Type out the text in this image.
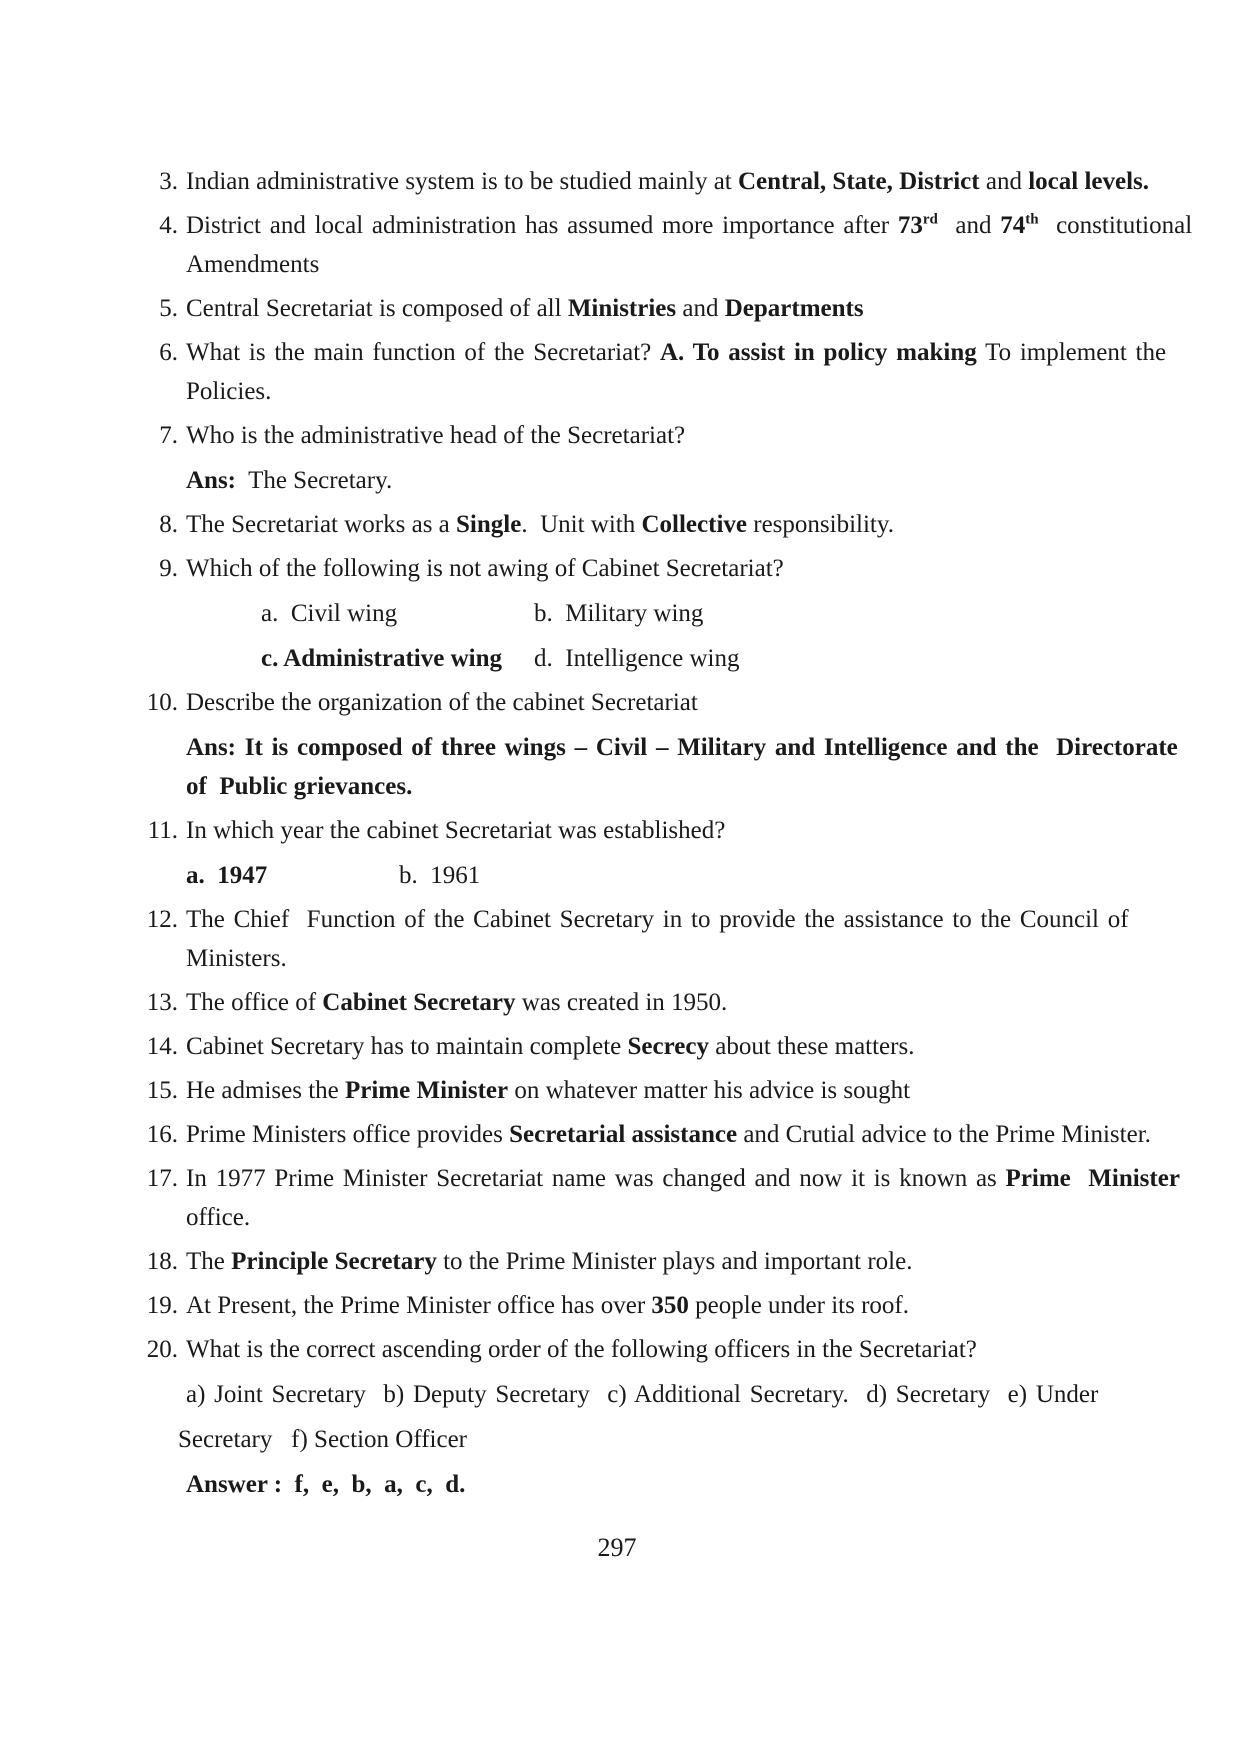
3. Indian administrative system is to be studied mainly at Central, State, District and local levels.
4. District and local administration has assumed more importance after 73rd  and 74th  constitutional
Amendments
5. Central Secretariat is composed of all Ministries and Departments
6. What is the main function of the Secretariat? A. To assist in policy making To implement the
Policies.
7. Who is the administrative head of the Secretariat?
Ans:  The Secretary.
8. The Secretariat works as a Single.  Unit with Collective responsibility.
9. Which of the following is not awing of Cabinet Secretariat?
a.  Civil wing	b.  Military wing
c. Administrative wing d.  Intelligence wing
10. Describe the organization of the cabinet Secretariat
Ans: It is composed of three wings – Civil – Military and Intelligence and the  Directorate
of  Public grievances.
11. In which year the cabinet Secretariat was established?
a.  1947	b.  1961
12. The Chief  Function of the Cabinet Secretary in to provide the assistance to the Council of
Ministers.
13. The office of Cabinet Secretary was created in 1950.
14. Cabinet Secretary has to maintain complete Secrecy about these matters.
15. He admises the Prime Minister on whatever matter his advice is sought
16. Prime Ministers office provides Secretarial assistance and Crutial advice to the Prime Minister.
17. In 1977 Prime Minister Secretariat name was changed and now it is known as Prime  Minister
office.
18. The Principle Secretary to the Prime Minister plays and important role.
19. At Present, the Prime Minister office has over 350 people under its roof.
20. What is the correct ascending order of the following officers in the Secretariat?
a) Joint Secretary  b) Deputy Secretary  c) Additional Secretary.  d) Secretary  e) Under
Secretary   f) Section Officer
Answer :  f,  e,  b,  a,  c,  d.
297
